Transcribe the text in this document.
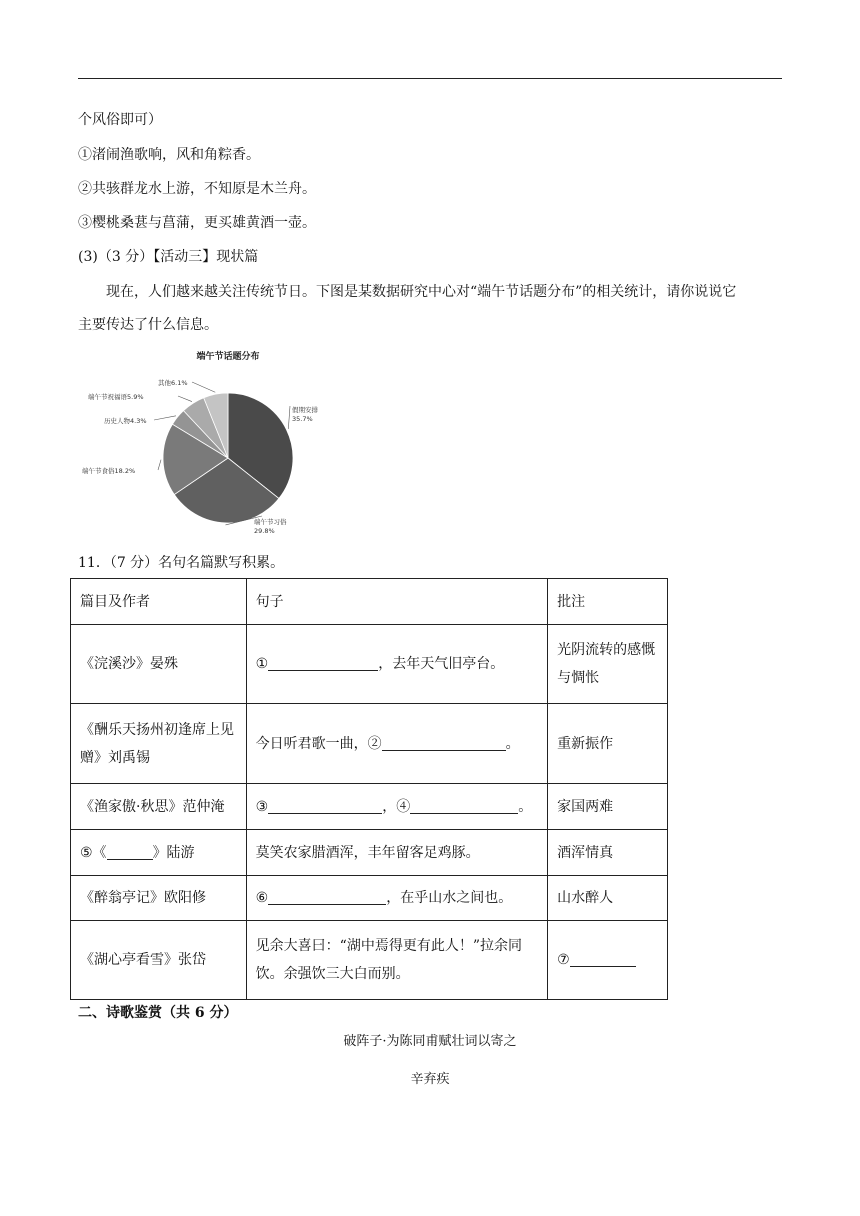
个风俗即可）
①渚闹渔歌响，风和角粽香。
②共骇群龙水上游，不知原是木兰舟。
③樱桃桑葚与菖蒲，更买雄黄酒一壶。
(3)（3 分）【活动三】现状篇
现在，人们越来越关注传统节日。下图是某数据研究中心对“端午节话题分布”的相关统计，请你说说它
主要传达了什么信息。
端午节话题分布
假期安排
35.7%
端午节习俗
29.8%
端午节食俗18.2%
历史人物4.3%
端午节祝福语5.9%
其他6.1%
11．（7 分）名句名篇默写积累。
篇目及作者	句子	批注
《浣溪沙》晏殊	① ，去年天气旧亭台。	光阴流转的感慨与惆怅
《酬乐天扬州初逢席上见赠》刘禹锡	今日听君歌一曲，② 。	重新振作
《渔家傲·秋思》范仲淹	③ ，④ 。	家国两难
⑤《 》陆游	莫笑农家腊酒浑，丰年留客足鸡豚。	酒浑情真
《醉翁亭记》欧阳修	⑥ ，在乎山水之间也。	山水醉人
《湖心亭看雪》张岱	见余大喜曰：“湖中焉得更有此人！”拉余同饮。余强饮三大白而别。	⑦
二、诗歌鉴赏（共 6 分）
破阵子·为陈同甫赋壮词以寄之
辛弃疾
